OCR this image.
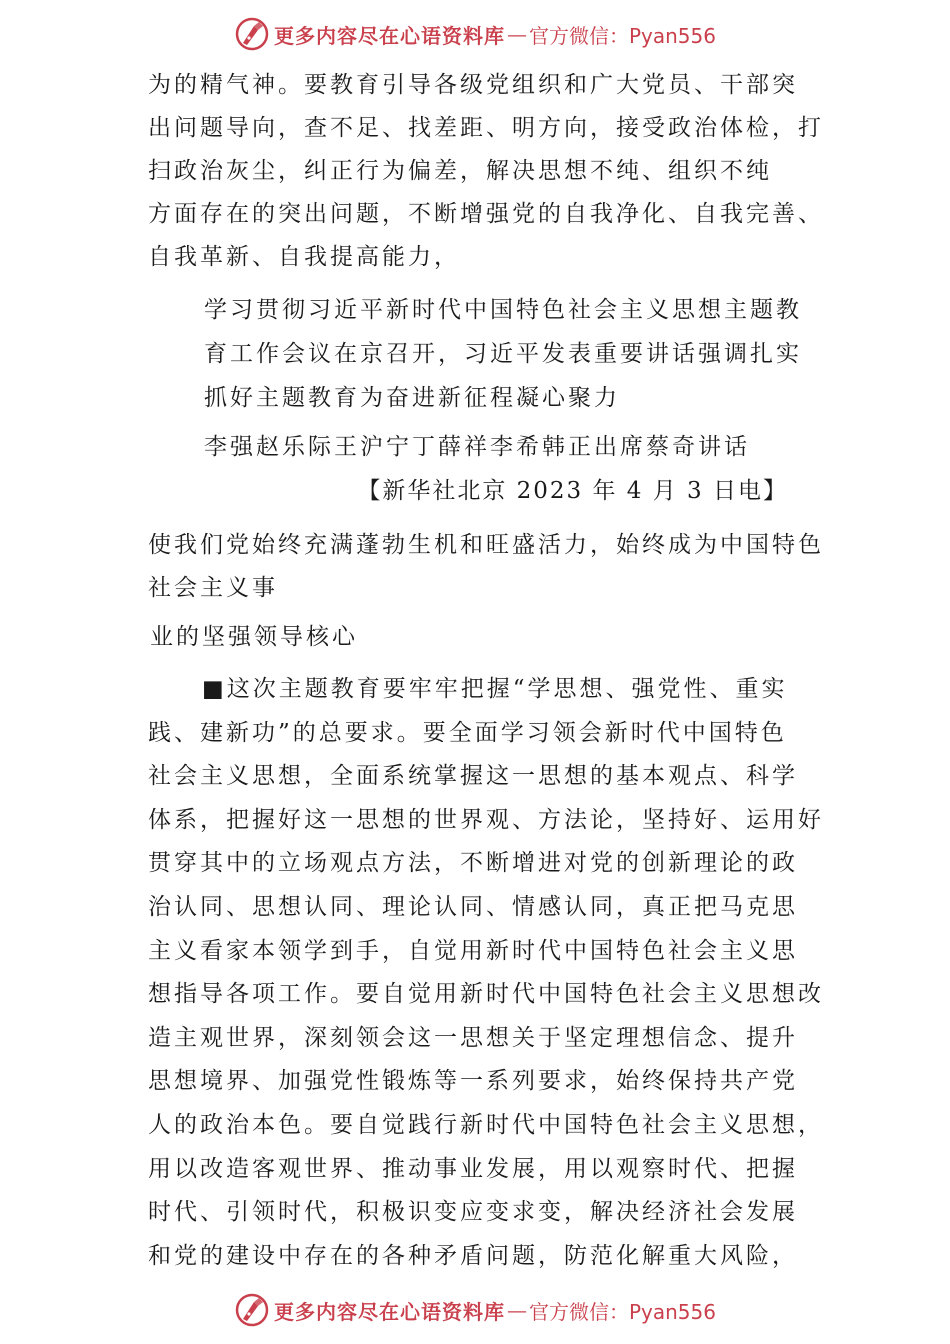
更多内容尽在心语资料库 — 官方微信：Pyan556
为的精气神。要教育引导各级党组织和广大党员、干部突
出问题导向，查不足、找差距、明方向，接受政治体检，打
扫政治灰尘，纠正行为偏差，解决思想不纯、组织不纯
方面存在的突出问题，不断增强党的自我净化、自我完善、
自我革新、自我提高能力，
学习贯彻习近平新时代中国特色社会主义思想主题教
育工作会议在京召开，习近平发表重要讲话强调扎实
抓好主题教育为奋进新征程凝心聚力
李强赵乐际王沪宁丁薛祥李希韩正出席蔡奇讲话
【新华社北京 2023 年 4 月 3 日电】
使我们党始终充满蓬勃生机和旺盛活力，始终成为中国特色
社会主义事
业的坚强领导核心
■这次主题教育要牢牢把握“学思想、强党性、重实
践、建新功”的总要求。要全面学习领会新时代中国特色
社会主义思想，全面系统掌握这一思想的基本观点、科学
体系，把握好这一思想的世界观、方法论，坚持好、运用好
贯穿其中的立场观点方法，不断增进对党的创新理论的政
治认同、思想认同、理论认同、情感认同，真正把马克思
主义看家本领学到手，自觉用新时代中国特色社会主义思
想指导各项工作。要自觉用新时代中国特色社会主义思想改
造主观世界，深刻领会这一思想关于坚定理想信念、提升
思想境界、加强党性锻炼等一系列要求，始终保持共产党
人的政治本色。要自觉践行新时代中国特色社会主义思想，
用以改造客观世界、推动事业发展，用以观察时代、把握
时代、引领时代，积极识变应变求变，解决经济社会发展
和党的建设中存在的各种矛盾问题，防范化解重大风险，
更多内容尽在心语资料库 — 官方微信：Pyan556
